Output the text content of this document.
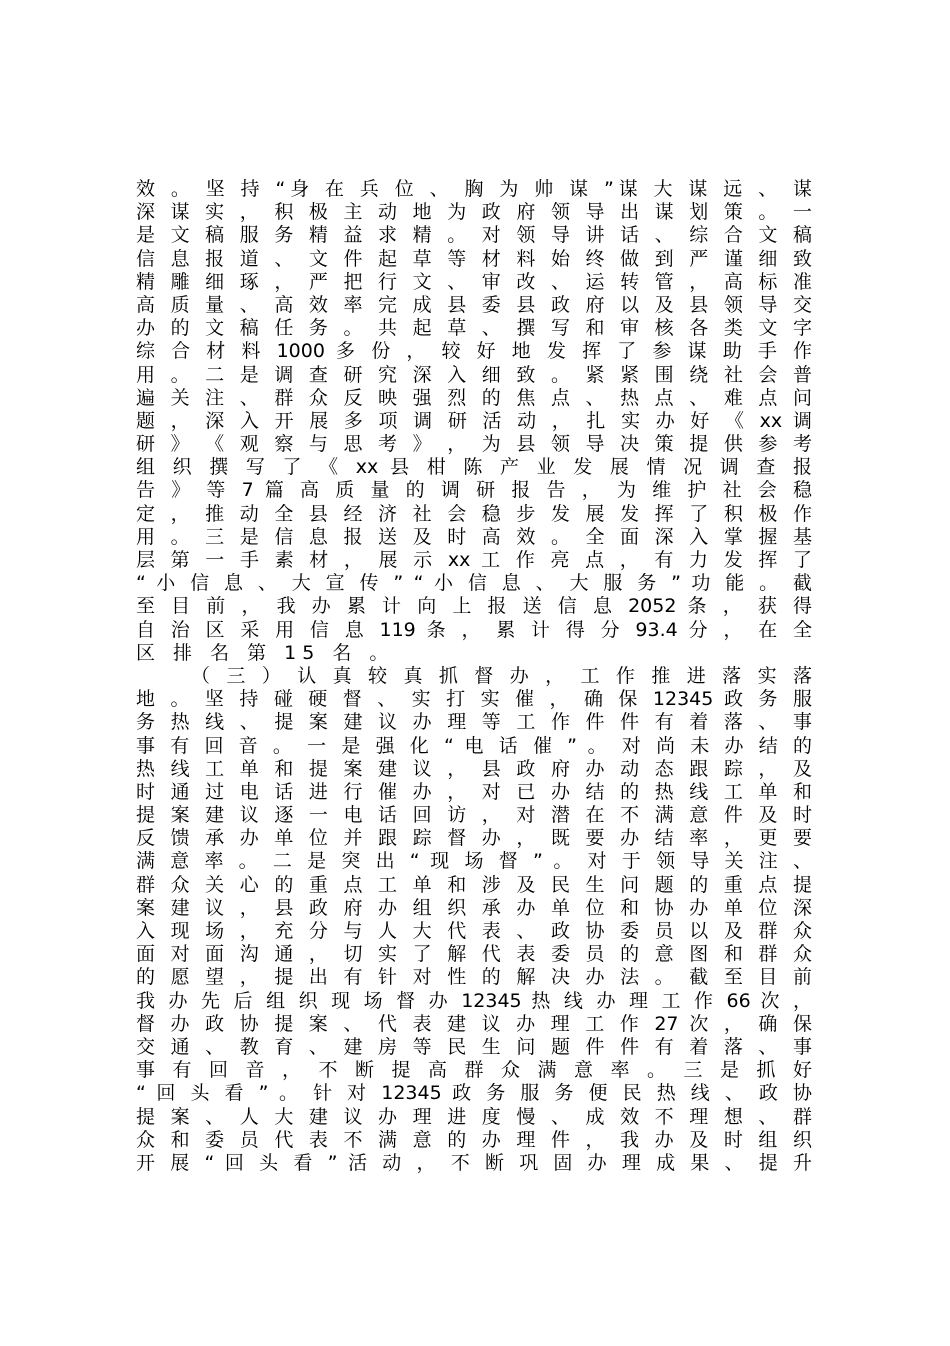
效 。 坚 持 “身 在 兵 位 、 胸 为 帅 谋 ”谋 大 谋 远 、 谋
深 谋 实 ， 积 极 主 动 地 为 政 府 领 导 出 谋 划 策 。 一
是 文 稿 服 务 精 益 求 精 。 对 领 导 讲 话 、 综 合 文 稿
信 息 报 道 、 文 件 起 草 等 材 料 始 终 做 到 严 谨 细 致
精 雕 细 琢 ， 严 把 行 文 、 审 改 、 运 转 管 ， 高 标 准
高 质 量 、 高 效 率 完 成 县 委 县 政 府 以 及 县 领 导 交
办 的 文 稿 任 务 。 共 起 草 、 撰 写 和 审 核 各 类 文 字
综 合 材 料 1000 多 份 ， 较 好 地 发 挥 了 参 谋 助 手 作
用 。 二 是 调 查 研 究 深 入 细 致 。 紧 紧 围 绕 社 会 普
遍 关 注 、 群 众 反 映 强 烈 的 焦 点 、 热 点 、 难 点 问
题 ， 深 入 开 展 多 项 调 研 活 动 ， 扎 实 办 好 《 xx 调
研 》 《 观 察 与 思 考 》 ， 为 县 领 导 决 策 提 供 参 考
组 织 撰 写 了 《 xx 县 柑 陈 产 业 发 展 情 况 调 查 报
告 》 等 7 篇 高 质 量 的 调 研 报 告 ， 为 维 护 社 会 稳
定 ， 推 动 全 县 经 济 社 会 稳 步 发 展 发 挥 了 积 极 作
用 。 三 是 信 息 报 送 及 时 高 效 。 全 面 深 入 掌 握 基
层 第 一 手 素 材 ， 展 示 xx 工 作 亮 点 ， 有 力 发 挥 了
“ 小 信 息 、 大 宣 传 ” “ 小 信 息 、 大 服 务 ” 功 能 。 截
至 目 前 ， 我 办 累 计 向 上 报 送 信 息 2052 条 ， 获 得
自 治 区 采 用 信 息 119 条 ， 累 计 得 分 93.4 分 ， 在 全
区 排 名 第 15 名 。
（ 三 ） 认 真 较 真 抓 督 办 ， 工 作 推 进 落 实 落
地 。 坚 持 碰 硬 督 、 实 打 实 催 ， 确 保 12345 政 务 服
务 热 线 、 提 案 建 议 办 理 等 工 作 件 件 有 着 落 、 事
事 有 回 音 。 一 是 强 化 “ 电 话 催 ” 。 对 尚 未 办 结 的
热 线 工 单 和 提 案 建 议 ， 县 政 府 办 动 态 跟 踪 ， 及
时 通 过 电 话 进 行 催 办 ， 对 已 办 结 的 热 线 工 单 和
提 案 建 议 逐 一 电 话 回 访 ， 对 潜 在 不 满 意 件 及 时
反 馈 承 办 单 位 并 跟 踪 督 办 ， 既 要 办 结 率 ， 更 要
满 意 率 。 二 是 突 出 “ 现 场 督 ” 。 对 于 领 导 关 注 、
群 众 关 心 的 重 点 工 单 和 涉 及 民 生 问 题 的 重 点 提
案 建 议 ， 县 政 府 办 组 织 承 办 单 位 和 协 办 单 位 深
入 现 场 ， 充 分 与 人 大 代 表 、 政 协 委 员 以 及 群 众
面 对 面 沟 通 ， 切 实 了 解 代 表 委 员 的 意 图 和 群 众
的 愿 望 ， 提 出 有 针 对 性 的 解 决 办 法 。 截 至 目 前
我 办 先 后 组 织 现 场 督 办 12345 热 线 办 理 工 作 66 次 ，
督 办 政 协 提 案 、 代 表 建 议 办 理 工 作 27 次 ， 确 保
交 通 、 教 育 、 建 房 等 民 生 问 题 件 件 有 着 落 、 事
事 有 回 音 ， 不 断 提 高 群 众 满 意 率 。 三 是 抓 好
“ 回 头 看 ” 。 针 对 12345 政 务 服 务 便 民 热 线 、 政 协
提 案 、 人 大 建 议 办 理 进 度 慢 、 成 效 不 理 想 、 群
众 和 委 员 代 表 不 满 意 的 办 理 件 ， 我 办 及 时 组 织
开 展 “ 回 头 看 ” 活 动 ， 不 断 巩 固 办 理 成 果 、 提 升
